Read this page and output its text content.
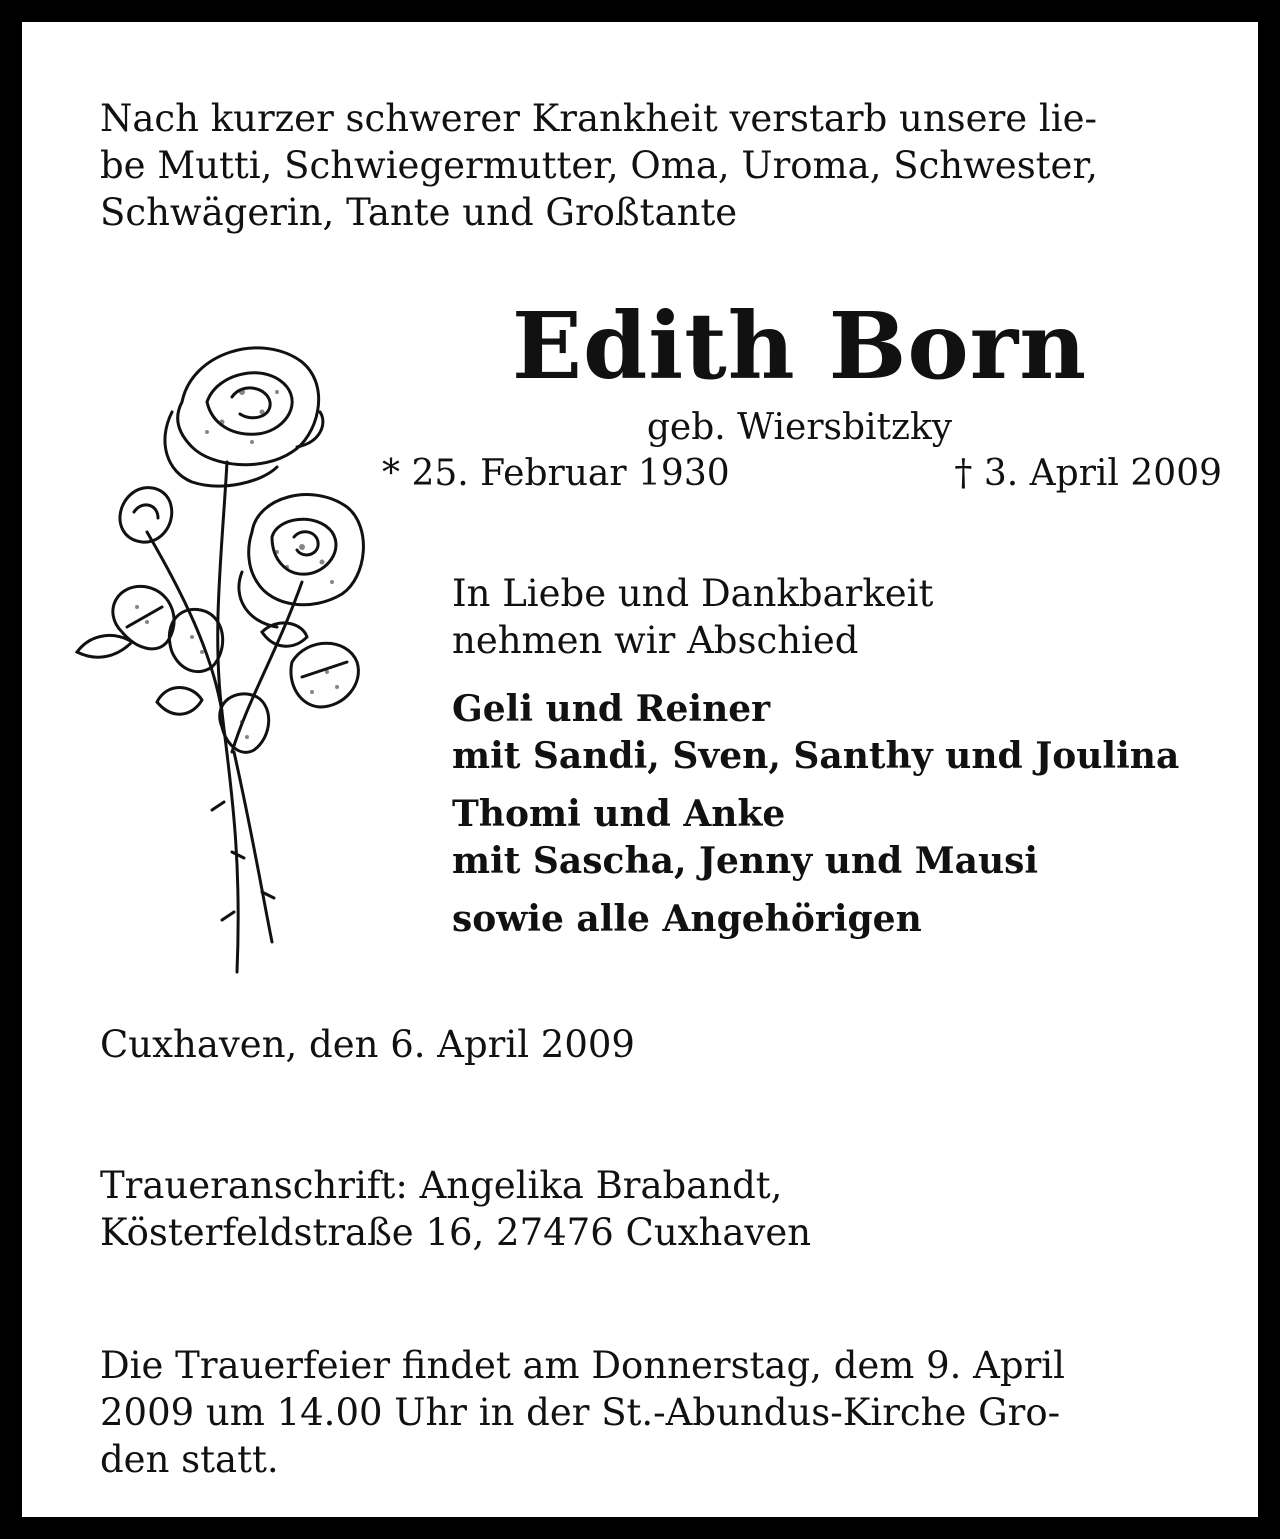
Nach kurzer schwerer Krankheit verstarb unsere lie-
be Mutti, Schwiegermutter, Oma, Uroma, Schwester,
Schwägerin, Tante und Großtante
Edith Born
geb. Wiersbitzky
* 25. Februar 1930	† 3. April 2009
In Liebe und Dankbarkeit
nehmen wir Abschied
Geli und Reiner
mit Sandi, Sven, Santhy und Joulina
Thomi und Anke
mit Sascha, Jenny und Mausi
sowie alle Angehörigen
Cuxhaven, den 6. April 2009
Traueranschrift: Angelika Brabandt,
Kösterfeldstraße 16, 27476 Cuxhaven
Die Trauerfeier findet am Donnerstag, dem 9. April
2009 um 14.00 Uhr in der St.-Abundus-Kirche Gro-
den statt.
